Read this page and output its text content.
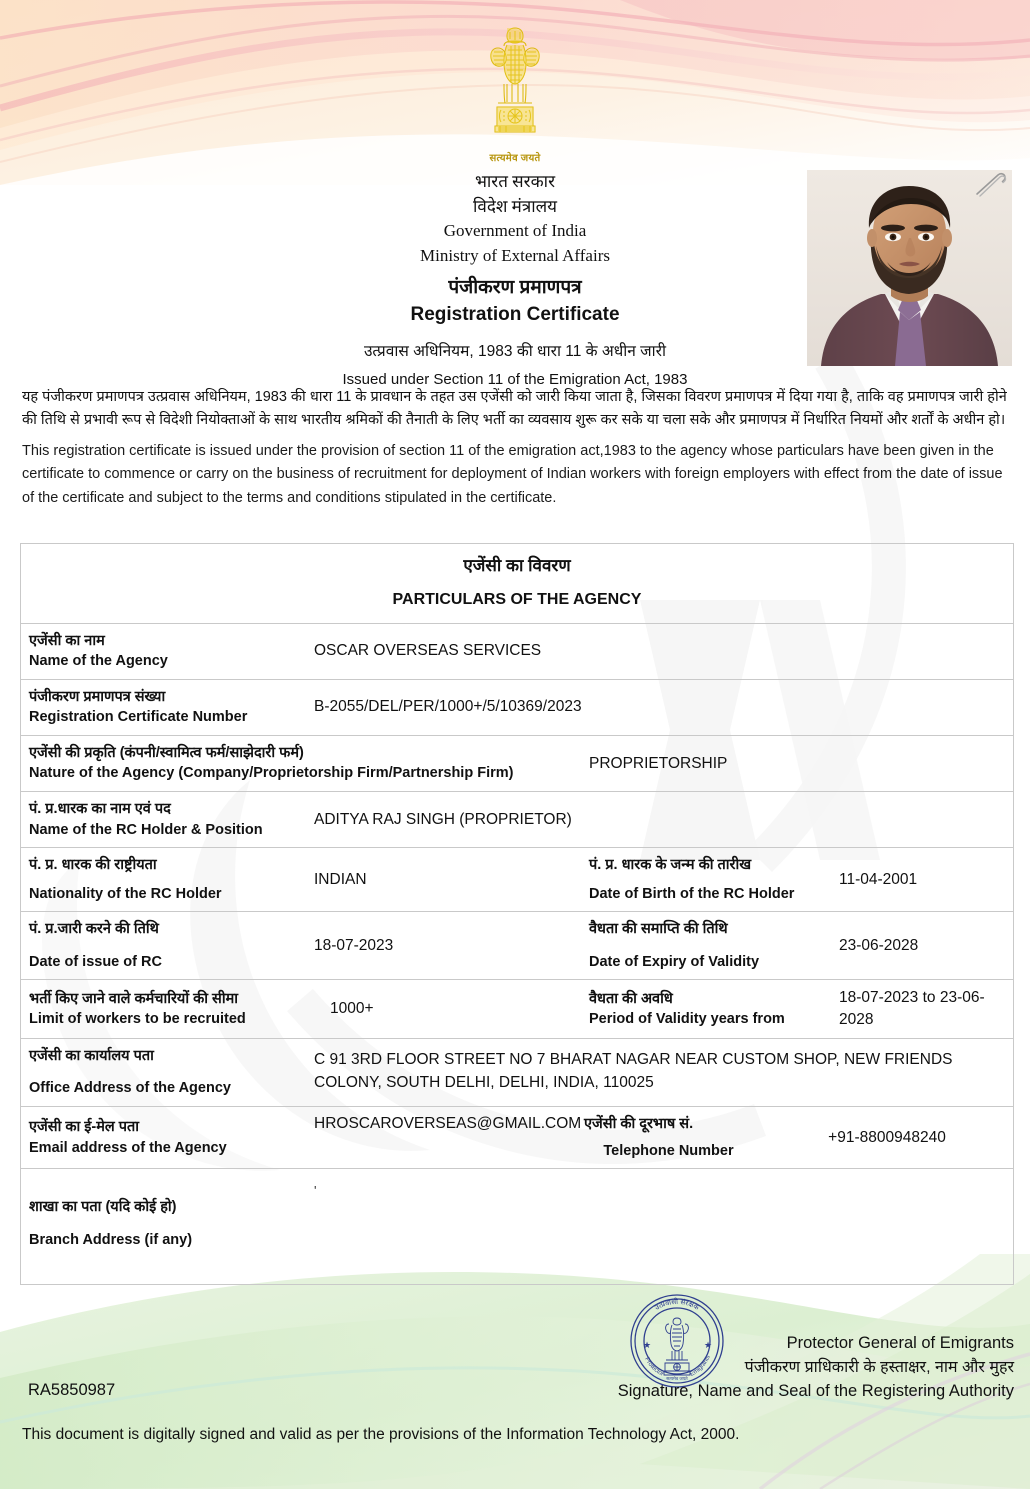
सत्यमेव जयते
भारत सरकार
विदेश मंत्रालय
Government of India
Ministry of External Affairs
पंजीकरण प्रमाणपत्र
Registration Certificate
उत्प्रवास अधिनियम, 1983 की धारा 11 के अधीन जारी
Issued under Section 11 of the Emigration Act, 1983
यह पंजीकरण प्रमाणपत्र उत्प्रवास अधिनियम, 1983 की धारा 11 के प्रावधान के तहत उस एजेंसी को जारी किया जाता है, जिसका विवरण प्रमाणपत्र में दिया गया है, ताकि वह प्रमाणपत्र जारी होने की तिथि से प्रभावी रूप से विदेशी नियोक्ताओं के साथ भारतीय श्रमिकों की तैनाती के लिए भर्ती का व्यवसाय शुरू कर सके या चला सके और प्रमाणपत्र में निर्धारित नियमों और शर्तों के अधीन हो।
This registration certificate is issued under the provision of section 11 of the emigration act,1983 to the agency whose particulars have been given in the certificate to commence or carry on the business of recruitment for deployment of Indian workers with foreign employers with effect from the date of issue of the certificate and subject to the terms and conditions stipulated in the certificate.
एजेंसी का विवरण
PARTICULARS OF THE AGENCY
एजेंसी का नाम
Name of the Agency
OSCAR OVERSEAS SERVICES
पंजीकरण प्रमाणपत्र संख्या
Registration Certificate Number
B-2055/DEL/PER/1000+/5/10369/2023
एजेंसी की प्रकृति (कंपनी/स्वामित्व फर्म/साझेदारी फर्म)
Nature of the Agency (Company/Proprietorship Firm/Partnership Firm)
PROPRIETORSHIP
पं. प्र.धारक का नाम एवं पद
Name of the RC Holder & Position
ADITYA RAJ SINGH (PROPRIETOR)
पं. प्र. धारक की राष्ट्रीयता
Nationality of the RC Holder
INDIAN
पं. प्र. धारक के जन्म की तारीख
Date of Birth of the RC Holder
11-04-2001
पं. प्र.जारी करने की तिथि
Date of issue of RC
18-07-2023
वैधता की समाप्ति की तिथि
Date of Expiry of Validity
23-06-2028
भर्ती किए जाने वाले कर्मचारियों की सीमा
Limit of workers to be recruited
1000+
वैधता की अवधि
Period of Validity years from
18-07-2023 to 23-06-2028
एजेंसी का कार्यालय पता
Office Address of the Agency
C 91 3RD FLOOR STREET NO 7 BHARAT NAGAR NEAR CUSTOM SHOP, NEW FRIENDS COLONY, SOUTH DELHI, DELHI, INDIA, 110025
एजेंसी का ई-मेल पता
Email address of the Agency
HROSCAROVERSEAS@GMAIL.COM एजेंसी की दूरभाष सं.
Telephone Number
+91-8800948240
शाखा का पता (यदि कोई हो)
Branch Address (if any)
'
उत्प्रवासी संरक्षक
Protector	Emigrants
★	★
सत्यमेव जयते
Protector General of Emigrants
पंजीकरण प्राधिकारी के हस्ताक्षर, नाम और मुहर
Signature, Name and Seal of the Registering Authority
RA5850987
This document is digitally signed and valid as per the provisions of the Information Technology Act, 2000.
